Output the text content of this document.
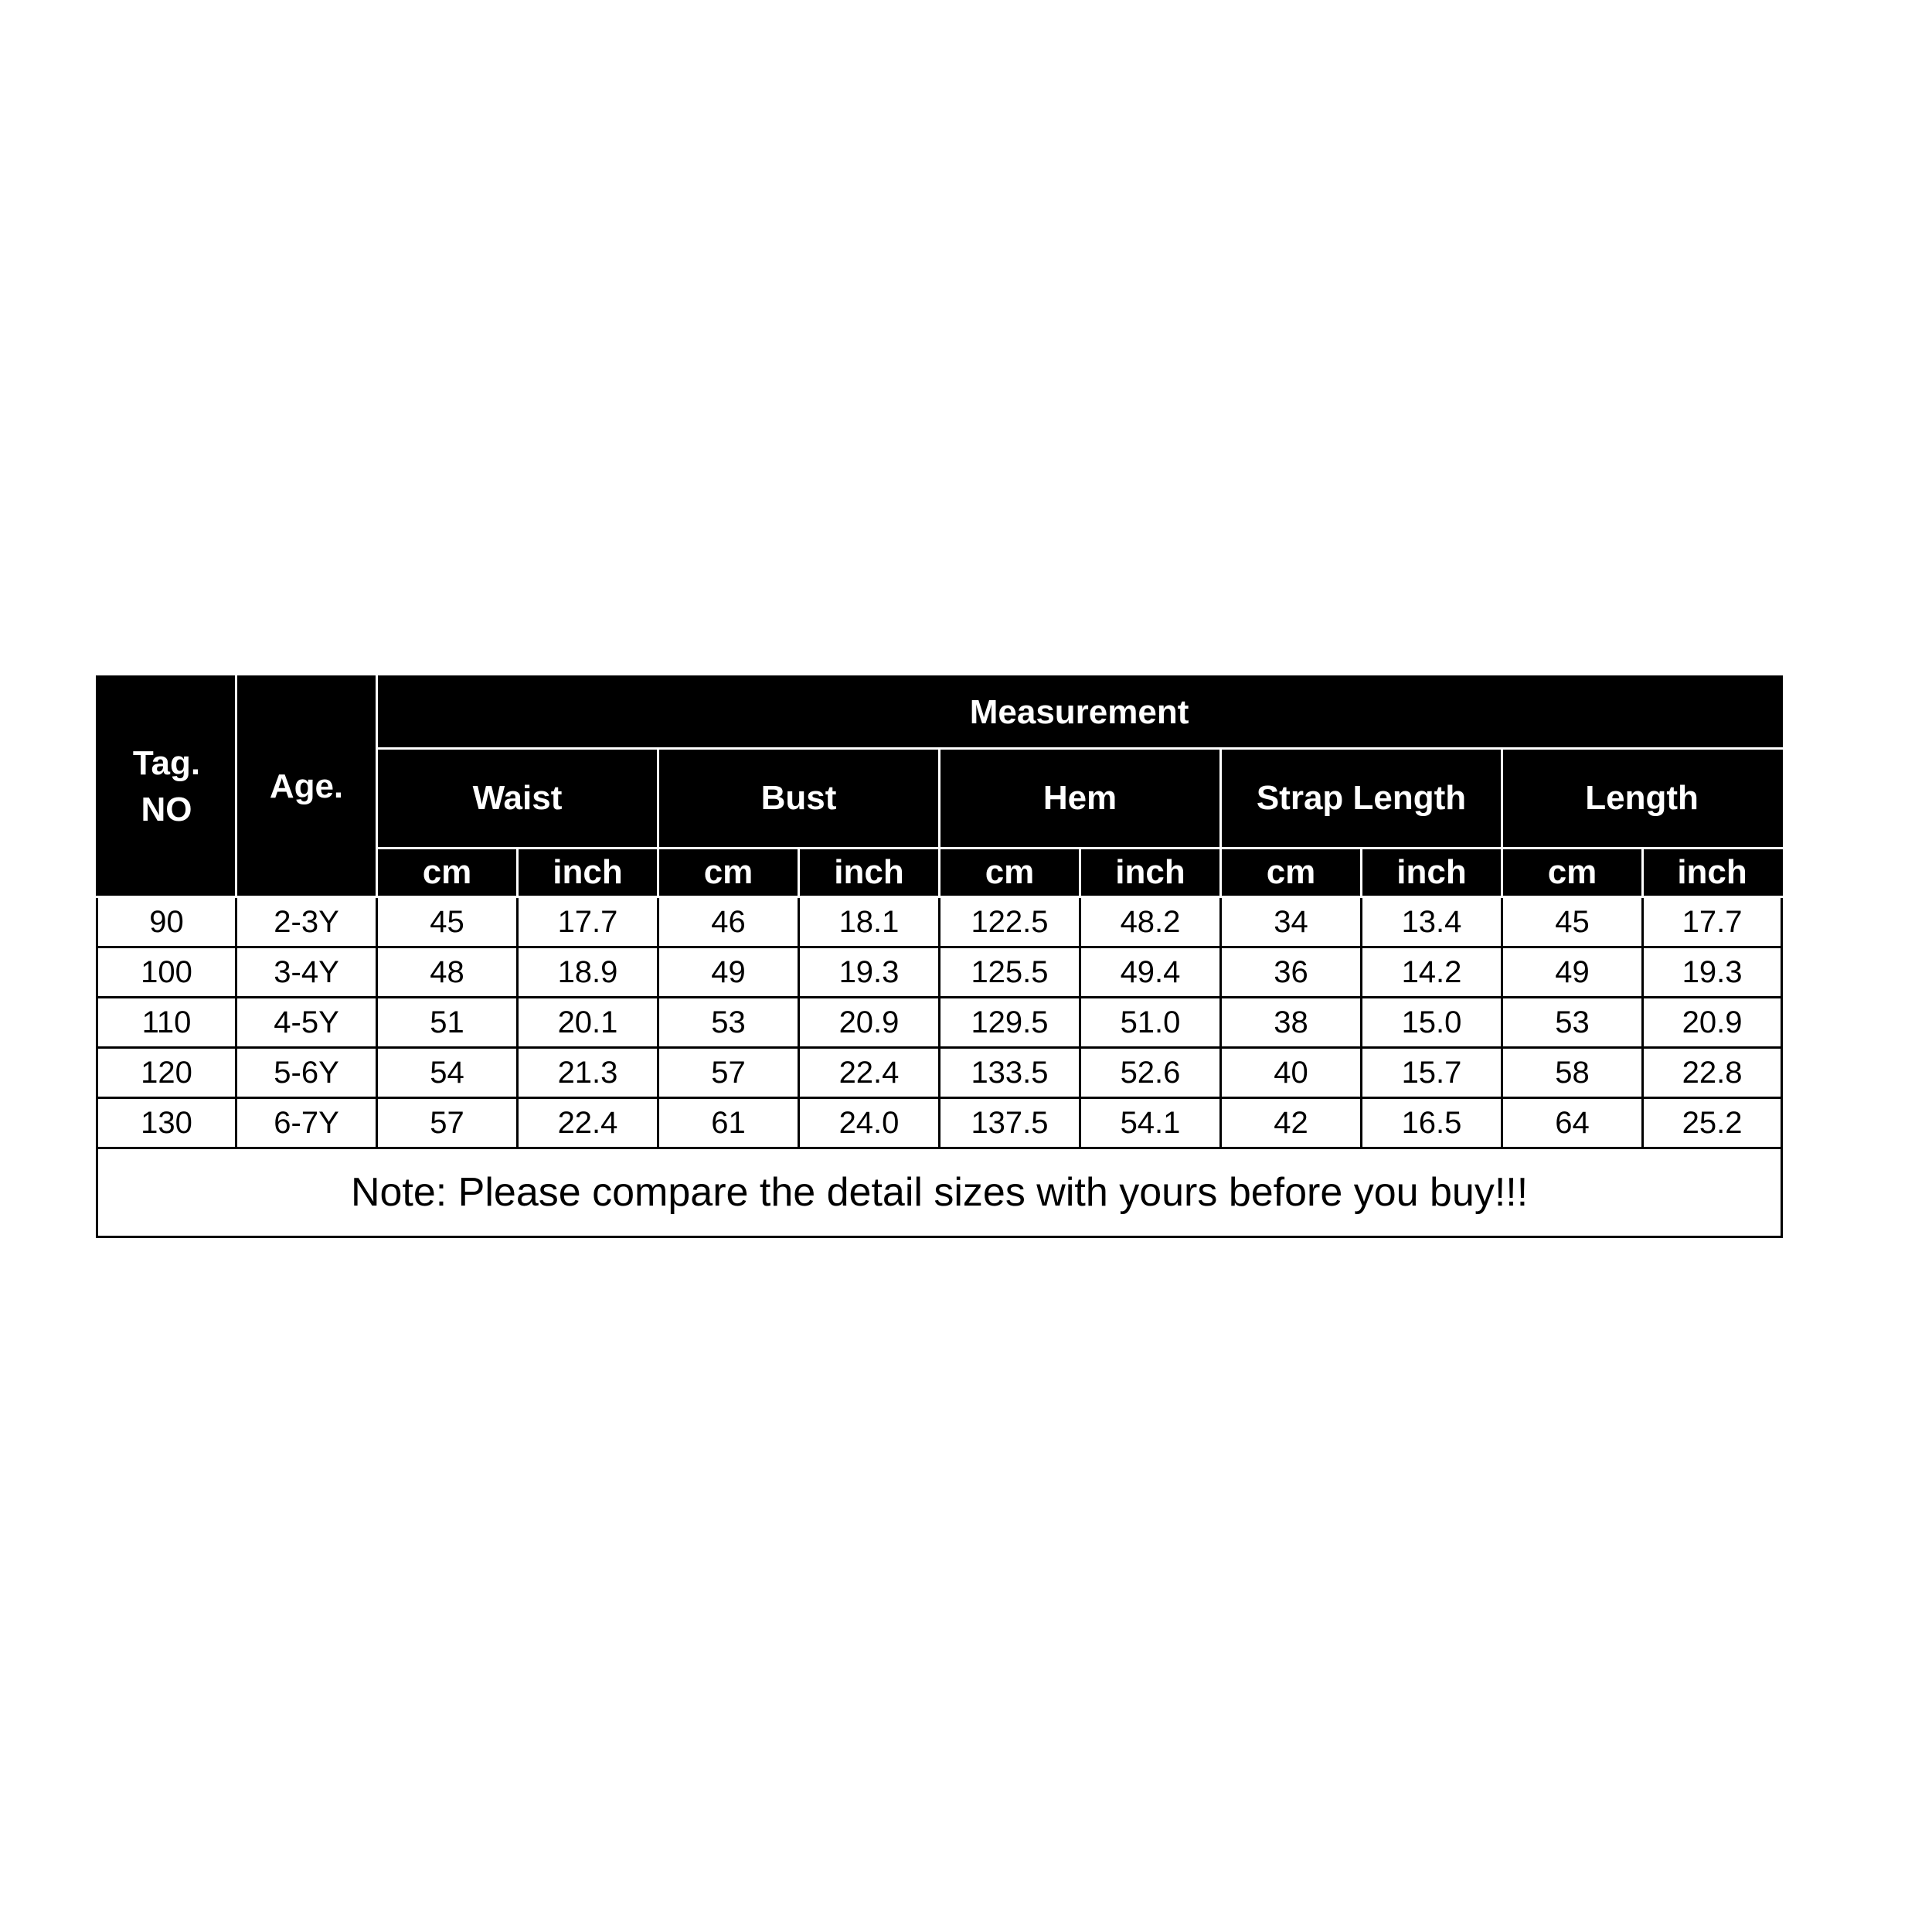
Tag.
NO	Age.	Measurement									
		Waist		Bust		Hem		Strap Length		Length	
		cm	inch	cm	inch	cm	inch	cm	inch	cm	inch
90	2-3Y	45	17.7	46	18.1	122.5	48.2	34	13.4	45	17.7
100	3-4Y	48	18.9	49	19.3	125.5	49.4	36	14.2	49	19.3
110	4-5Y	51	20.1	53	20.9	129.5	51.0	38	15.0	53	20.9
120	5-6Y	54	21.3	57	22.4	133.5	52.6	40	15.7	58	22.8
130	6-7Y	57	22.4	61	24.0	137.5	54.1	42	16.5	64	25.2
Note: Please compare the detail sizes with yours before you buy!!!											
